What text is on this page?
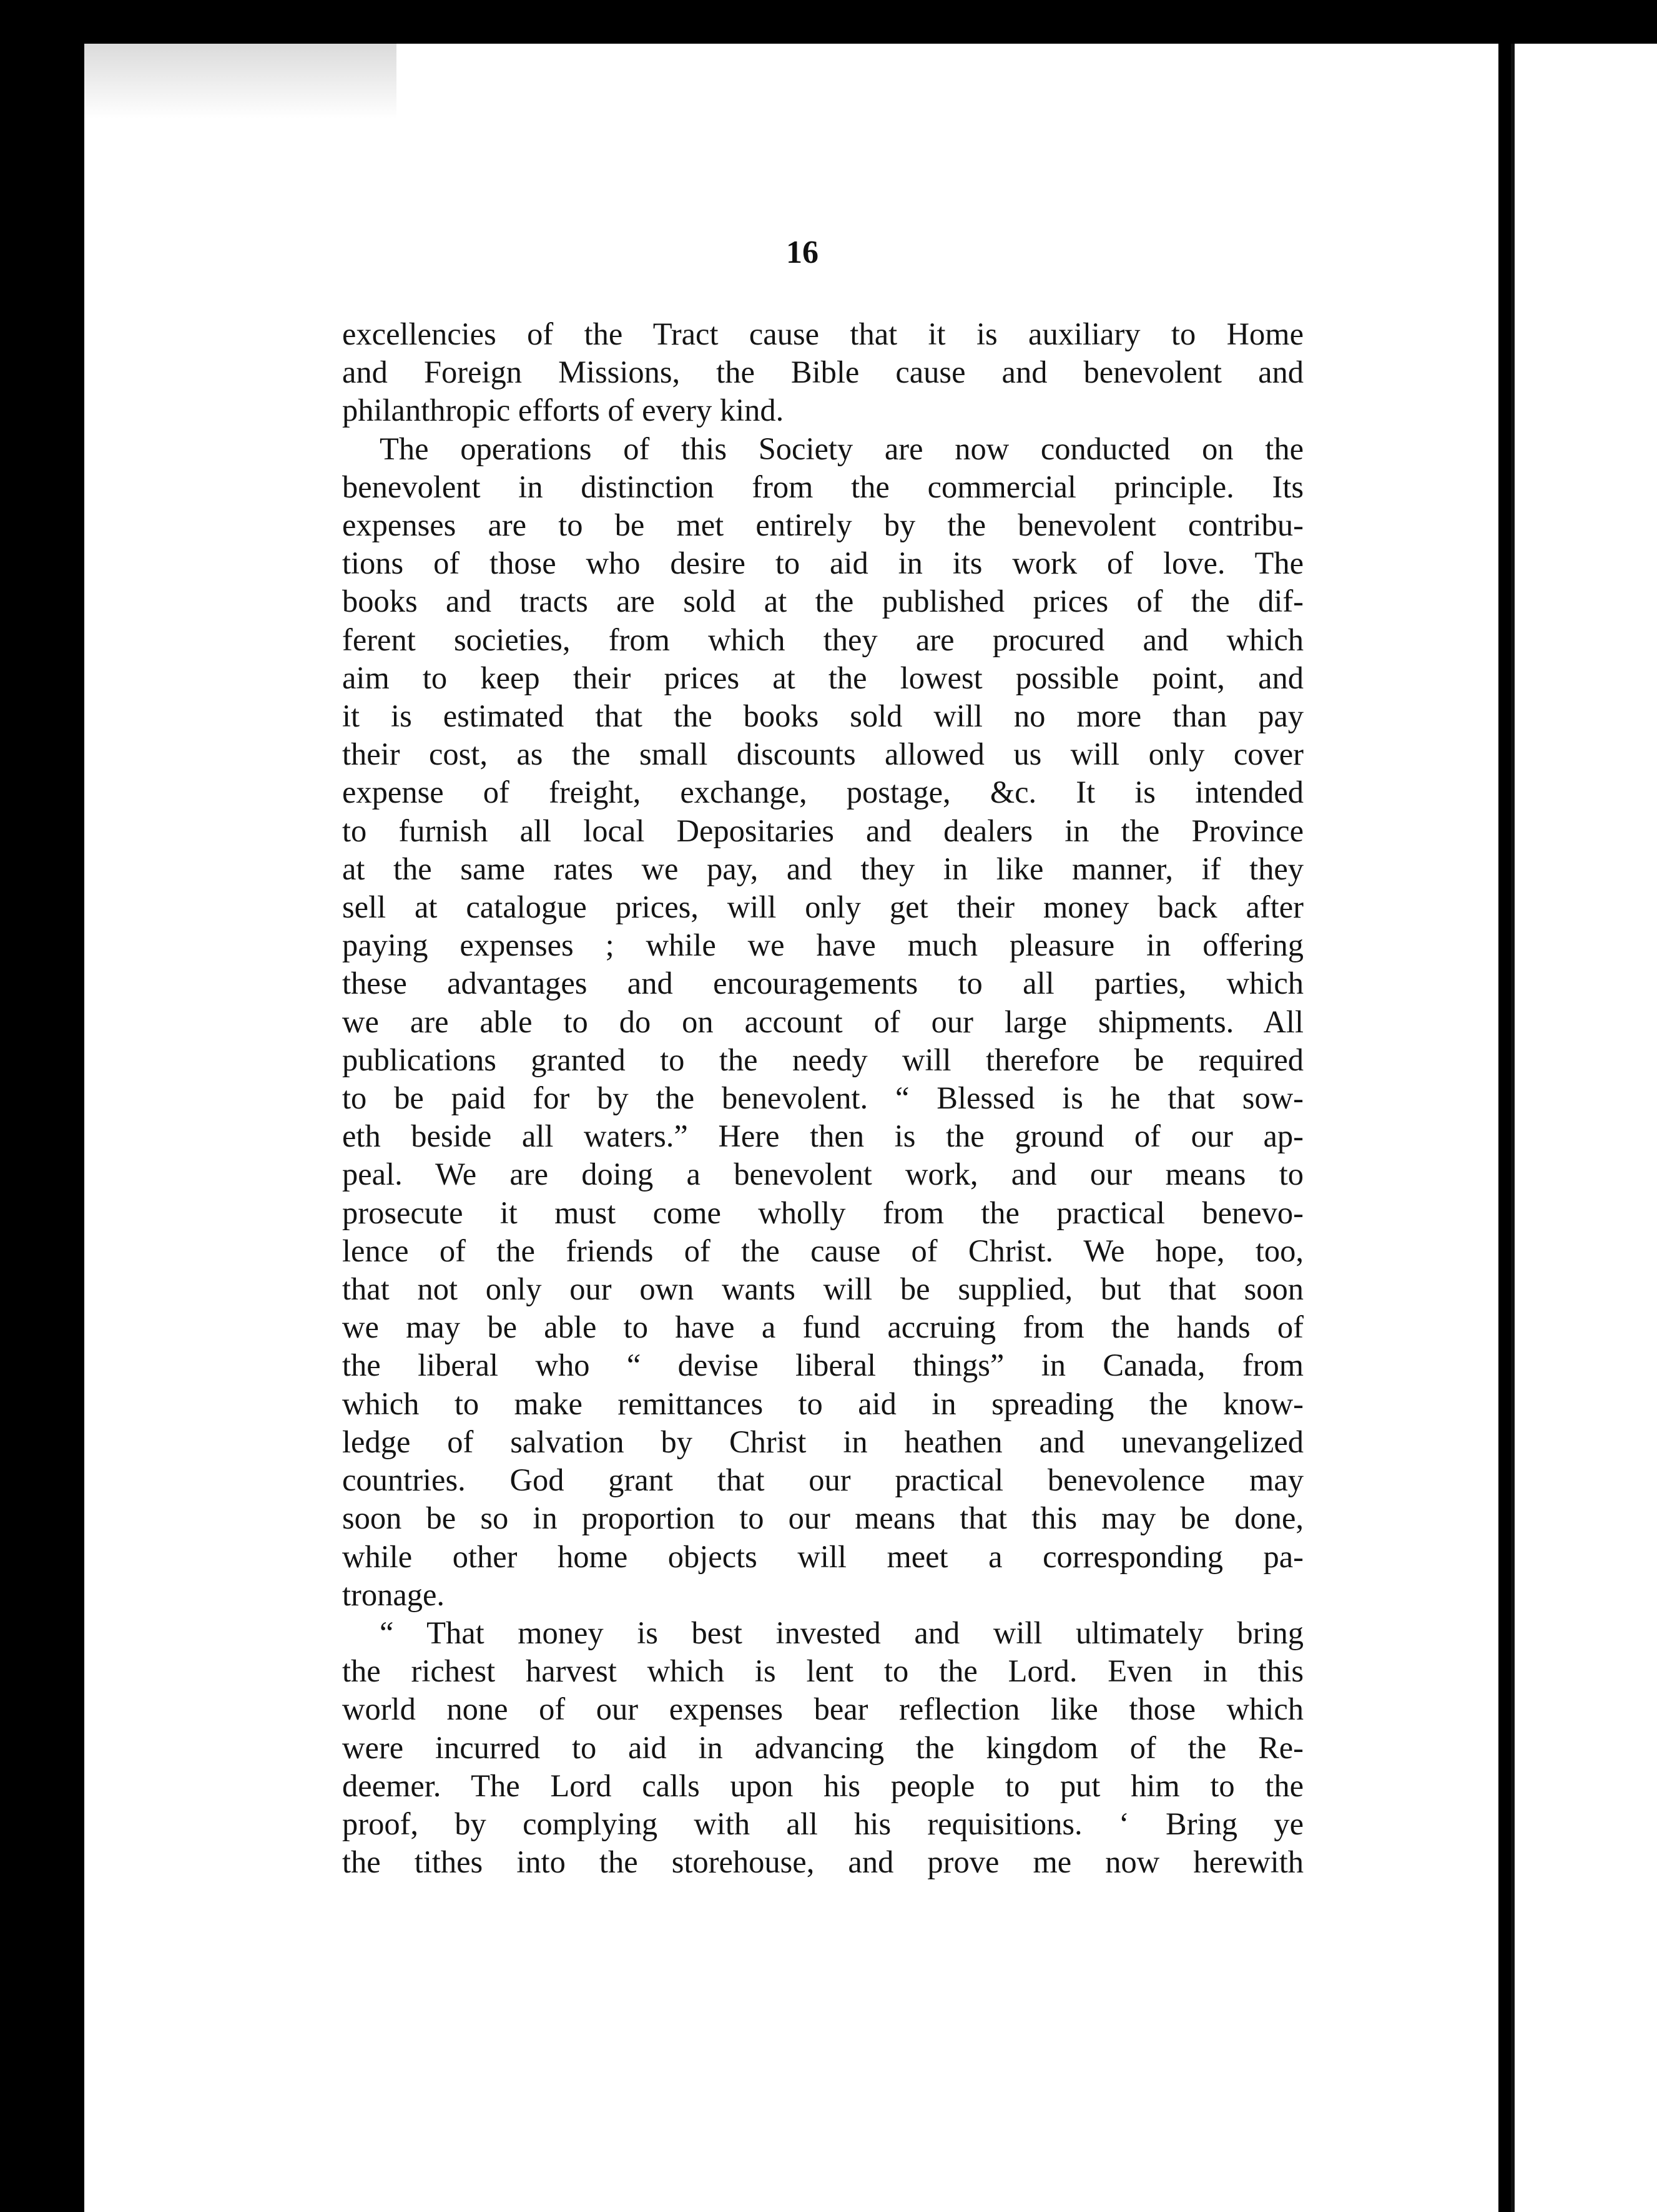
16

excellencies of the Tract cause that it is auxiliary to Home
and Foreign Missions, the Bible cause and benevolent and
philanthropic efforts of every kind.
The operations of this Society are now conducted on the
benevolent in distinction from the commercial principle. Its
expenses are to be met entirely by the benevolent contribu-
tions of those who desire to aid in its work of love. The
books and tracts are sold at the published prices of the dif-
ferent societies, from which they are procured and which
aim to keep their prices at the lowest possible point, and
it is estimated that the books sold will no more than pay
their cost, as the small discounts allowed us will only cover
expense of freight, exchange, postage, &c. It is intended
to furnish all local Depositaries and dealers in the Province
at the same rates we pay, and they in like manner, if they
sell at catalogue prices, will only get their money back after
paying expenses ; while we have much pleasure in offering
these advantages and encouragements to all parties, which
we are able to do on account of our large shipments. All
publications granted to the needy will therefore be required
to be paid for by the benevolent. “ Blessed is he that sow-
eth beside all waters.” Here then is the ground of our ap-
peal. We are doing a benevolent work, and our means to
prosecute it must come wholly from the practical benevo-
lence of the friends of the cause of Christ. We hope, too,
that not only our own wants will be supplied, but that soon
we may be able to have a fund accruing from the hands of
the liberal who “ devise liberal things” in Canada, from
which to make remittances to aid in spreading the know-
ledge of salvation by Christ in heathen and unevangelized
countries. God grant that our practical benevolence may
soon be so in proportion to our means that this may be done,
while other home objects will meet a corresponding pa-
tronage.
“ That money is best invested and will ultimately bring
the richest harvest which is lent to the Lord. Even in this
world none of our expenses bear reflection like those which
were incurred to aid in advancing the kingdom of the Re-
deemer. The Lord calls upon his people to put him to the
proof, by complying with all his requisitions. ‘ Bring ye
the tithes into the storehouse, and prove me now herewith
